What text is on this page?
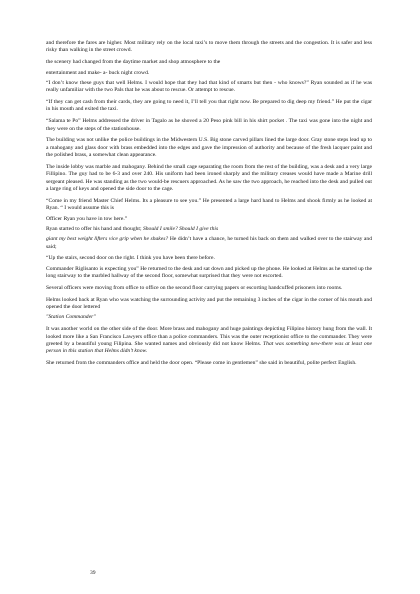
and therefore the fares are higher. Most military rely on the local taxi’s to move them through the streets and the congestion. It is safer and less risky than walking in the street crowd.

the scenery had changed from the daytime market and shop atmosphere to the

entertainment and make- a- buck night crowd.

“I don’t know these guys that well Helms. I would hope that they had that kind of smarts but then - who knows?” Ryan sounded as if he was really unfamiliar with the two Pals that he was about to rescue. Or attempt to rescue.

“If they can get cash from their cards, they are going to need it, I’ll tell you that right now. Be prepared to dig deep my friend.” He put the cigar in his mouth and exited the taxi.

“Salama te Po” Helms addressed the driver in Tagalo as he shoved a 20 Peso pink bill in his shirt pocket . The taxi was gone into the night and they were on the steps of the stationhouse.

The building was not unlike the police buildings in the Midwestern U.S. Big stone carved pillars lined the large door. Gray stone steps lead up to a mahogany and glass door with brass embedded into the edges and gave the impression of authority and because of the fresh lacquer paint and the polished brass, a somewhat clean appearance.

The inside lobby was marble and mahogany. Behind the small cage separating the room from the rest of the building, was a desk and a very large Fillipino. The guy had to be 6-3 and over 240. His uniform had been ironed sharply and the military creases would have made a Marine drill sergeant pleased. He was standing as the two would-be rescuers approached. As he saw the two approach, he reached into the desk and pulled out a large ring of keys and opened the side door to the cage.

“Come in my friend Master Chief Helms. Its a pleasure to see you.” He presented a large hard hand to Helms and shook firmly as he looked at Ryan. “ I would assume this is

Officer Ryan you have in tow here.”

Ryan started to offer his hand and thought; Should I smile? Should I give this

giant my best weight lifters vice grip when he shakes? He didn’t have a chance, he turned his back on them and walked over to the stairway and said;

“Up the stairs, second door on the right. I think you have been there before.

Commander Riglisanto is expecting you” He returned to the desk and sat down and picked up the phone. He looked at Helms as he started up the long stairway to the marbled hallway of the second floor, somewhat surprised that they were not escorted.

Several officers were moving from office to office on the second floor carrying papers or escorting handcuffed prisoners into rooms.

Helms looked back at Ryan who was watching the surrounding activity and put the remaining 3 inches of the cigar in the corner of his mouth and opened the door lettered

"Station Commander"

It was another world on the other side of the door. More brass and mahogany and huge paintings depicting Filipino history hung from the wall. It looked more like a San Francisco Lawyers office than a police commanders. This was the outer receptionist office to the commander. They were greeted by a beautiful young Filipina. She wanted names and obviously did not know Helms. That was something new-there was at least one person in this station that Helms didn’t know.

She returned from the commanders office and held the door open. “Please come in gentlemen” she said in beautiful, polite perfect English.

39
